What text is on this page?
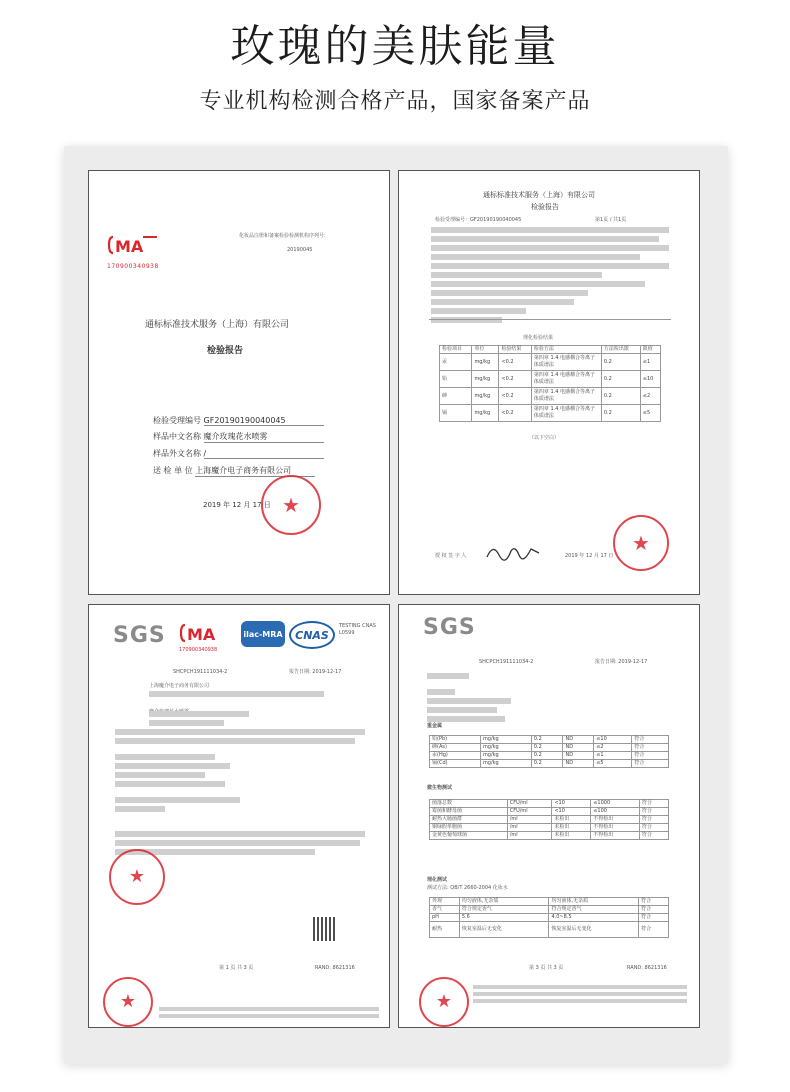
玫瑰的美肤能量
专业机构检测合格产品，国家备案产品
化妆品注册和备案检验检测机构序列号:
20190045
MA
170900340938
通标标准技术服务（上海）有限公司
检验报告
检验受理编号 GF20190190040045
样品中文名称 魔介玫瑰花水喷雾
样品外文名称 /
送 检 单 位 上海魔介电子商务有限公司
2019 年 12 月 17 日 ★
通标标准技术服务（上海）有限公司
检验报告
检验受理编号：GF20190190040045	第1页 / 共1页
理化检验结果
检验项目	单位	检验结果	检验方法	方法检出限	限值
汞	mg/kg	<0.2	第四章 1.4 电感耦合等离子体质谱法	0.2	≤1
铅	mg/kg	<0.2	第四章 1.4 电感耦合等离子体质谱法	0.2	≤10
砷	mg/kg	<0.2	第四章 1.4 电感耦合等离子体质谱法	0.2	≤2
镉	mg/kg	<0.2	第四章 1.4 电感耦合等离子体质谱法	0.2	≤5
（以下空白）
授 权 签 字 人	2019 年 12 月 17 日
★
SGS MA
170900340938
ilac-MRA	CNAS
TESTING CNAS L0599
SHCPCH191111034-2	报告日期: 2019-12-17
上海魔介电子商务有限公司
★
第 1 页 共 3 页	RAND: 8621316
★
SGS
SHCPCH191111034-2	报告日期: 2019-12-17
重金属
铅(Pb)	mg/kg	0.2	ND	≤10	符合
砷(As)	mg/kg	0.2	ND	≤2	符合
汞(Hg)	mg/kg	0.2	ND	≤1	符合
镉(Cd)	mg/kg	0.2	ND	≤5	符合
微生物测试
菌落总数	CFU/ml	<10	≤1000	符合
霉菌和酵母菌	CFU/ml	<10	≤100	符合
耐热大肠菌群	/ml	未检出	不得检出	符合
铜绿假单胞菌	/ml	未检出	不得检出	符合
金黄色葡萄球菌	/ml	未检出	不得检出	符合
理化测试
测试方法: QB/T 2660-2004 化妆水
外观	均匀液体,无杂质	均匀液体,无杂质	符合
香气	符合规定香气	符合规定香气	符合
pH	5.6	4.0~8.5	符合
耐热	恢复室温后无变化	恢复室温后无变化	符合
第 3 页 共 3 页	RAND: 8621316
★
